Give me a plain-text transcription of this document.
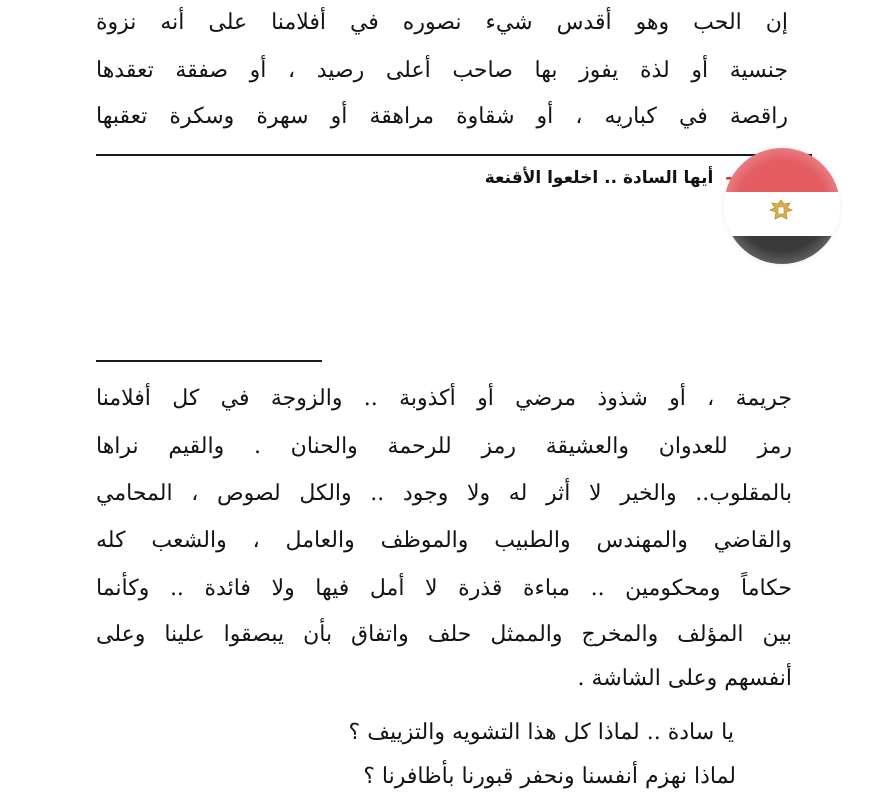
إن الحب وهو أقدس شيء نصوره في أفلامنا على أنه نزوة
جنسية أو لذة يفوز بها صاحب أعلى رصيد ، أو صفقة تعقدها
راقصة في كباريه ، أو شقاوة مراهقة أو سهرة وسكرة تعقبها
أيها السادة .. اخلعوا الأقنعة
جريمة ، أو شذوذ مرضي أو أكذوبة .. والزوجة في كل أفلامنا
رمز للعدوان والعشيقة رمز للرحمة والحنان . والقيم نراها
بالمقلوب.. والخير لا أثر له ولا وجود .. والكل لصوص ، المحامي
والقاضي والمهندس والطبيب والموظف والعامل ، والشعب كله
حكاماً ومحكومين .. مباءة قذرة لا أمل فيها ولا فائدة .. وكأنما
بين المؤلف والمخرج والممثل حلف واتفاق بأن يبصقوا علينا وعلى
أنفسهم وعلى الشاشة .
يا سادة .. لماذا كل هذا التشويه والتزييف ؟
لماذا نهزم أنفسنا ونحفر قبورنا بأظافرنا ؟
